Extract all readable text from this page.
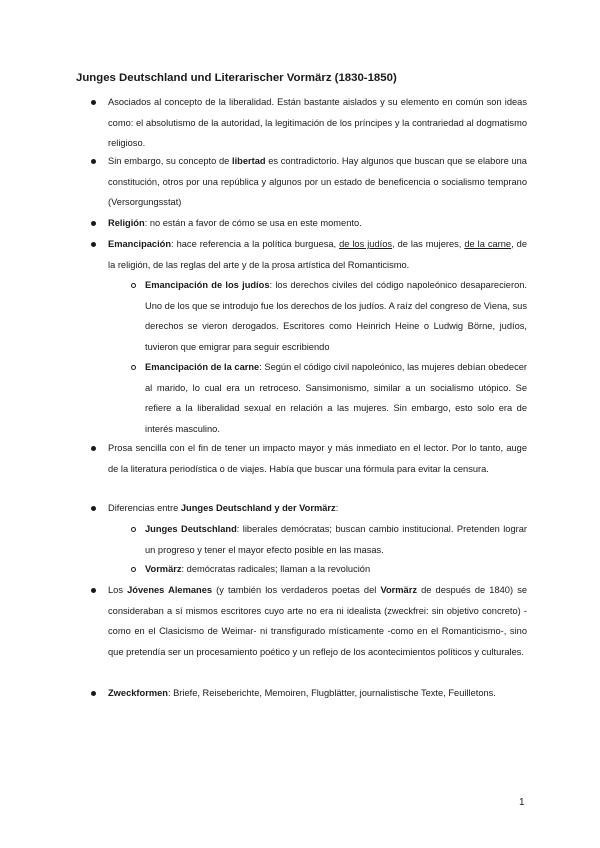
Junges Deutschland und Literarischer Vormärz (1830-1850)
Asociados al concepto de la liberalidad. Están bastante aislados y su elemento en común son ideas como: el absolutismo de la autoridad, la legitimación de los príncipes y la contrariedad al dogmatismo religioso.
Sin embargo, su concepto de libertad es contradictorio. Hay algunos que buscan que se elabore una constitución, otros por una república y algunos por un estado de beneficencia o socialismo temprano (Versorgungsstat)
Religión: no están a favor de cómo se usa en este momento.
Emancipación: hace referencia a la política burguesa, de los judíos, de las mujeres, de la carne, de la religión, de las reglas del arte y de la prosa artística del Romanticismo.
Emancipación de los judíos: los derechos civiles del código napoleónico desaparecieron. Uno de los que se introdujo fue los derechos de los judíos. A raíz del congreso de Viena, sus derechos se vieron derogados. Escritores como Heinrich Heine o Ludwig Börne, judíos, tuvieron que emigrar para seguir escribiendo
Emancipación de la carne: Según el código civil napoleónico, las mujeres debían obedecer al marido, lo cual era un retroceso. Sansimonismo, similar a un socialismo utópico. Se refiere a la liberalidad sexual en relación a las mujeres. Sin embargo, esto solo era de interés masculino.
Prosa sencilla con el fin de tener un impacto mayor y más inmediato en el lector. Por lo tanto, auge de la literatura periodística o de viajes. Había que buscar una fórmula para evitar la censura.
Diferencias entre Junges Deutschland y der Vormärz:
Junges Deutschland: liberales demócratas; buscan cambio institucional. Pretenden lograr un progreso y tener el mayor efecto posible en las masas.
Vormärz: demócratas radicales; llaman a la revolución
Los Jóvenes Alemanes (y también los verdaderos poetas del Vormärz de después de 1840) se consideraban a sí mismos escritores cuyo arte no era ni idealista (zweckfrei: sin objetivo concreto) - como en el Clasicismo de Weimar- ni transfigurado místicamente -como en el Romanticismo-, sino que pretendía ser un procesamiento poético y un reflejo de los acontecimientos políticos y culturales.
Zweckformen: Briefe, Reiseberichte, Memoiren, Flugblätter, journalistische Texte, Feuilletons.
1
